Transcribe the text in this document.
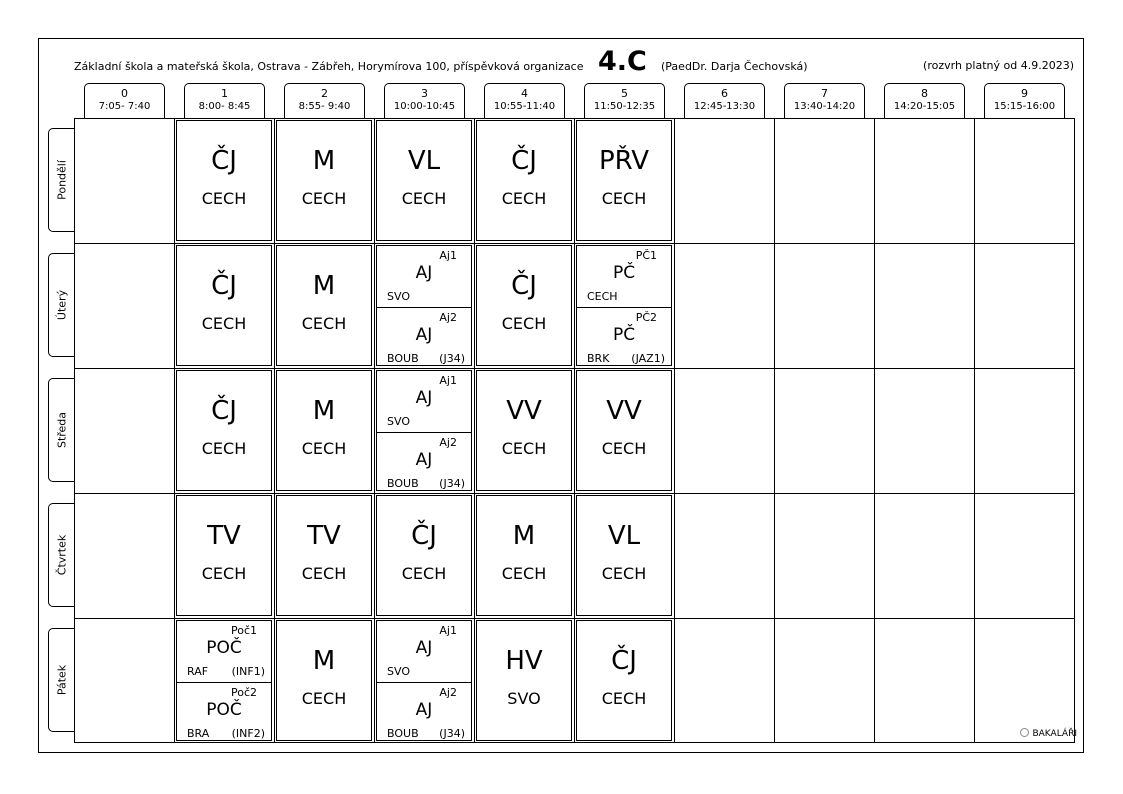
Základní škola a mateřská škola, Ostrava - Zábřeh, Horymírova 100, příspěvková organizace 4.C (PaedDr. Darja Čechovská)	(rozvrh platný od 4.9.2023)
0
7:05- 7:40
1
8:00- 8:45
2
8:55- 9:40
3
10:00-10:45
4
10:55-11:40
5
11:50-12:35
6
12:45-13:30
7
13:40-14:20
8
14:20-15:05
9
15:15-16:00
Pondělí
Úterý
Středa
Čtvrtek
Pátek
ČJ
CECH
M
CECH
VL
CECH
ČJ
CECH
PŘV
CECH
ČJ
CECH
M
CECH
Aj1
AJ
SVO
Aj2
AJ
BOUB (J34)
ČJ
CECH
PČ1
PČ
CECH
PČ2
PČ
BRK (JAZ1)
ČJ
CECH
M
CECH
Aj1
AJ
SVO
Aj2
AJ
BOUB (J34)
VV
CECH
VV
CECH
TV
CECH
TV
CECH
ČJ
CECH
M
CECH
VL
CECH
Poč1
POČ
RAF (INF1)
Poč2
POČ
BRA (INF2)
M
CECH
Aj1
AJ
SVO
Aj2
AJ
BOUB (J34)
HV
SVO
ČJ
CECH
BAKALÁŘI
